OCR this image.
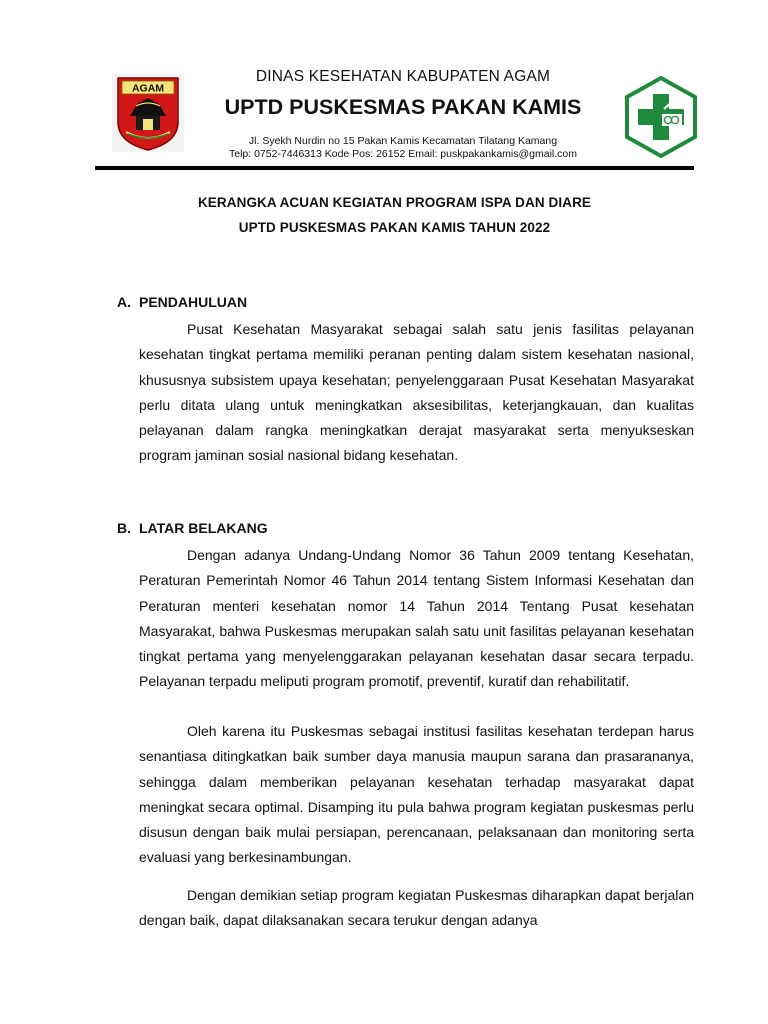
AGAM
DINAS KESEHATAN KABUPATEN AGAM
UPTD PUSKESMAS PAKAN KAMIS
Jl. Syekh Nurdin no 15 Pakan Kamis Kecamatan Tilatang Kamang
Telp: 0752-7446313 Kode Pos: 26152 Email: puskpakankamis@gmail.com
KERANGKA ACUAN KEGIATAN PROGRAM ISPA DAN DIARE
UPTD PUSKESMAS PAKAN KAMIS TAHUN 2022
A. PENDAHULUAN

Pusat Kesehatan Masyarakat sebagai salah satu jenis fasilitas pelayanan kesehatan tingkat pertama memiliki peranan penting dalam sistem kesehatan nasional, khususnya subsistem upaya kesehatan; penyelenggaraan Pusat Kesehatan Masyarakat perlu ditata ulang untuk meningkatkan aksesibilitas, keterjangkauan, dan kualitas pelayanan dalam rangka meningkatkan derajat masyarakat serta menyukseskan program jaminan sosial nasional bidang kesehatan.

B. LATAR BELAKANG

Dengan adanya Undang-Undang Nomor 36 Tahun 2009 tentang Kesehatan, Peraturan Pemerintah Nomor 46 Tahun 2014 tentang Sistem Informasi Kesehatan dan Peraturan menteri kesehatan nomor 14 Tahun 2014 Tentang Pusat kesehatan Masyarakat, bahwa Puskesmas merupakan salah satu unit fasilitas pelayanan kesehatan tingkat pertama yang menyelenggarakan pelayanan kesehatan dasar secara terpadu. Pelayanan terpadu meliputi program promotif, preventif, kuratif dan rehabilitatif.

Oleh karena itu Puskesmas sebagai institusi fasilitas kesehatan terdepan harus senantiasa ditingkatkan baik sumber daya manusia maupun sarana dan prasarananya, sehingga dalam memberikan pelayanan kesehatan terhadap masyarakat dapat meningkat secara optimal. Disamping itu pula bahwa program kegiatan puskesmas perlu disusun dengan baik mulai persiapan, perencanaan, pelaksanaan dan monitoring serta evaluasi yang berkesinambungan.

Dengan demikian setiap program kegiatan Puskesmas diharapkan dapat berjalan dengan baik, dapat dilaksanakan secara terukur dengan adanya
